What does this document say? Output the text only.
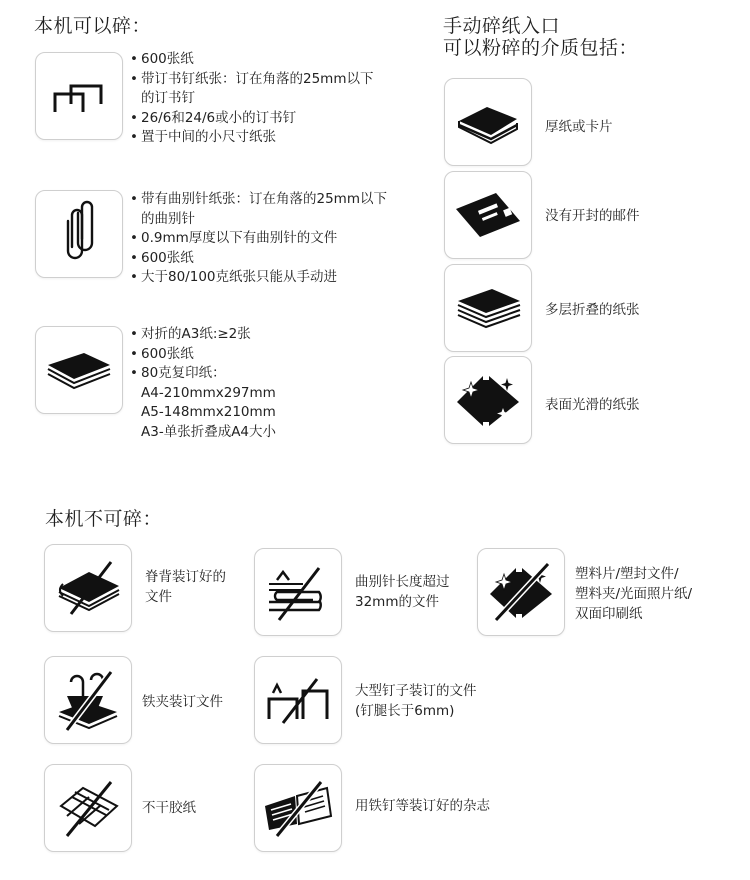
本机可以碎：
• 600张纸
• 带订书钉纸张：订在角落的25mm以下
的订书钉
• 26/6和24/6或小的订书钉
• 置于中间的小尺寸纸张
• 带有曲别针纸张：订在角落的25mm以下
的曲别针
• 0.9mm厚度以下有曲别针的文件
• 600张纸
• 大于80/100克纸张只能从手动进
• 对折的A3纸:≥2张
• 600张纸
• 80克复印纸：
A4-210mmx297mm
A5-148mmx210mm
A3-单张折叠成A4大小
手动碎纸入口
可以粉碎的介质包括：
厚纸或卡片
没有开封的邮件
多层折叠的纸张
表面光滑的纸张
本机不可碎：
脊背装订好的
文件
曲别针长度超过
32mm的文件
塑料片/塑封文件/
塑料夹/光面照片纸/
双面印刷纸
铁夹装订文件
大型钉子装订的文件
(钉腿长于6mm)
不干胶纸	用铁钉等装订好的杂志
